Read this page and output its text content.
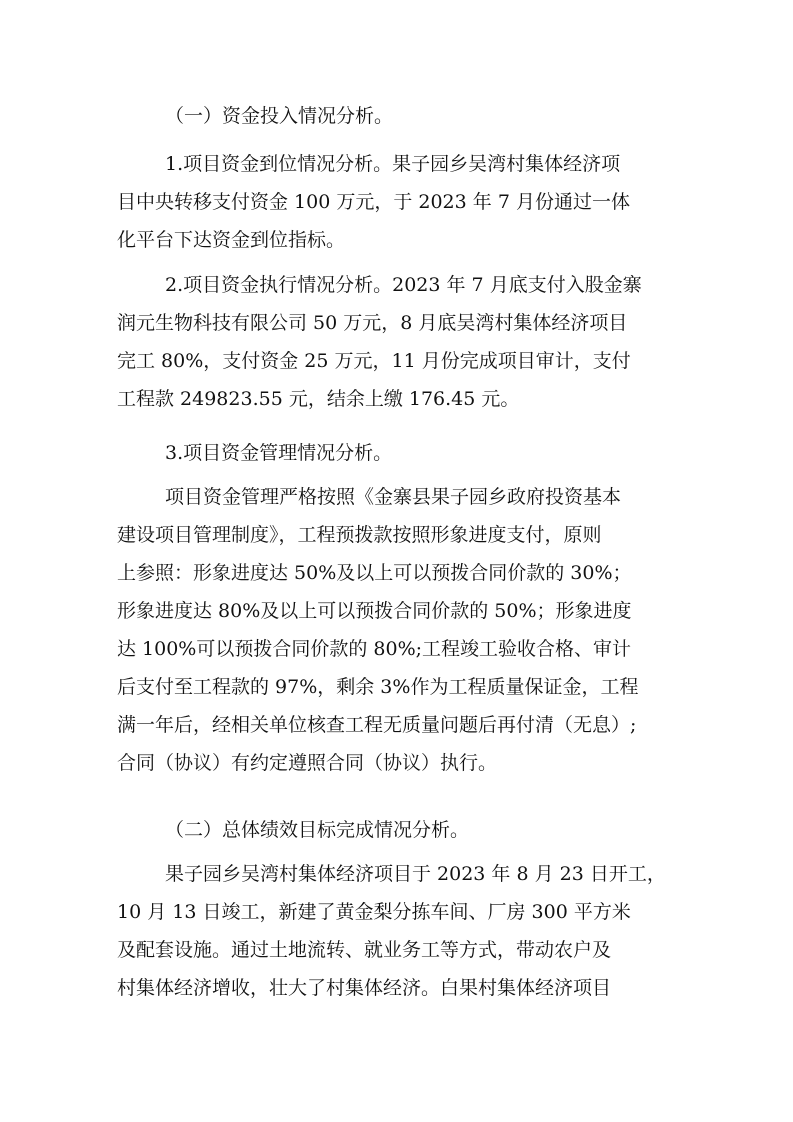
（一）资金投入情况分析。
1.项目资金到位情况分析。果子园乡吴湾村集体经济项
目中央转移支付资金 100 万元，于 2023 年 7 月份通过一体
化平台下达资金到位指标。
2.项目资金执行情况分析。2023 年 7 月底支付入股金寨
润元生物科技有限公司 50 万元，8 月底吴湾村集体经济项目
完工 80%，支付资金 25 万元，11 月份完成项目审计，支付
工程款 249823.55 元，结余上缴 176.45 元。
3.项目资金管理情况分析。
项目资金管理严格按照《金寨县果子园乡政府投资基本
建设项目管理制度》，工程预拨款按照形象进度支付，原则
上参照：形象进度达 50%及以上可以预拨合同价款的 30%；
形象进度达 80%及以上可以预拨合同价款的 50%；形象进度
达 100%可以预拨合同价款的 80%;工程竣工验收合格、审计
后支付至工程款的 97%，剩余 3%作为工程质量保证金，工程
满一年后，经相关单位核查工程无质量问题后再付清（无息）;
合同（协议）有约定遵照合同（协议）执行。
（二）总体绩效目标完成情况分析。
果子园乡吴湾村集体经济项目于 2023 年 8 月 23 日开工，
10 月 13 日竣工，新建了黄金梨分拣车间、厂房 300 平方米
及配套设施。通过土地流转、就业务工等方式，带动农户及
村集体经济增收，壮大了村集体经济。白果村集体经济项目
